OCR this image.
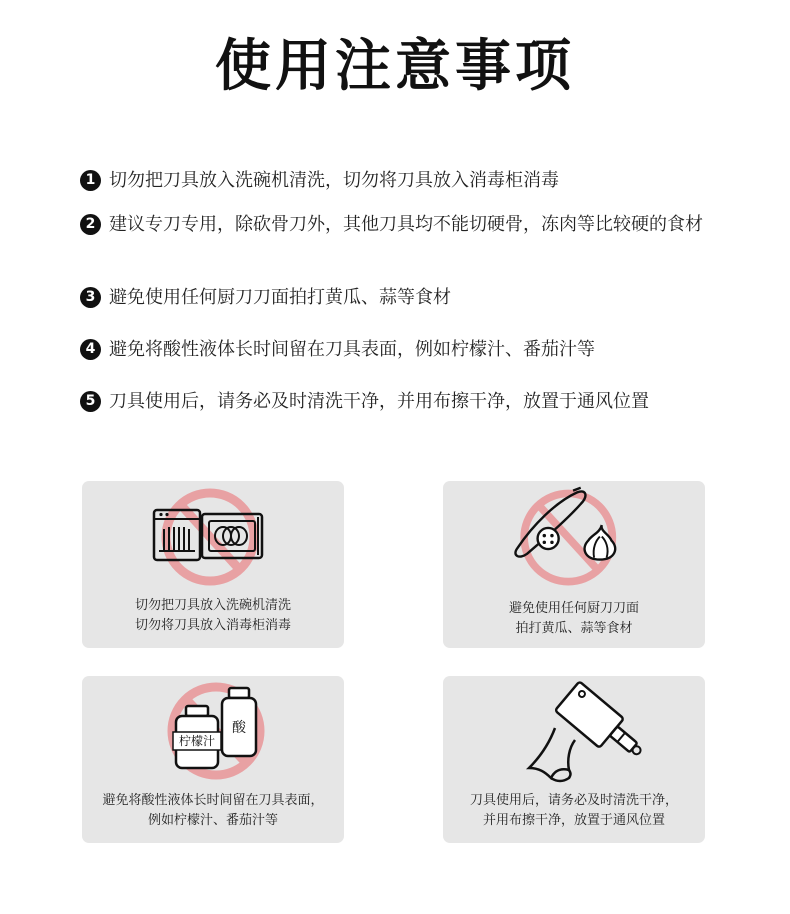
使用注意事项
1 切勿把刀具放入洗碗机清洗，切勿将刀具放入消毒柜消毒
2 建议专刀专用，除砍骨刀外，其他刀具均不能切硬骨，冻肉等比较硬的食材
3 避免使用任何厨刀刀面拍打黄瓜、蒜等食材
4 避免将酸性液体长时间留在刀具表面，例如柠檬汁、番茄汁等
5 刀具使用后，请务必及时清洗干净，并用布擦干净，放置于通风位置
切勿把刀具放入洗碗机清洗
切勿将刀具放入消毒柜消毒
避免使用任何厨刀刀面
拍打黄瓜、蒜等食材
柠檬汁
酸
避免将酸性液体长时间留在刀具表面，
例如柠檬汁、番茄汁等
刀具使用后，请务必及时清洗干净，
并用布擦干净，放置于通风位置
